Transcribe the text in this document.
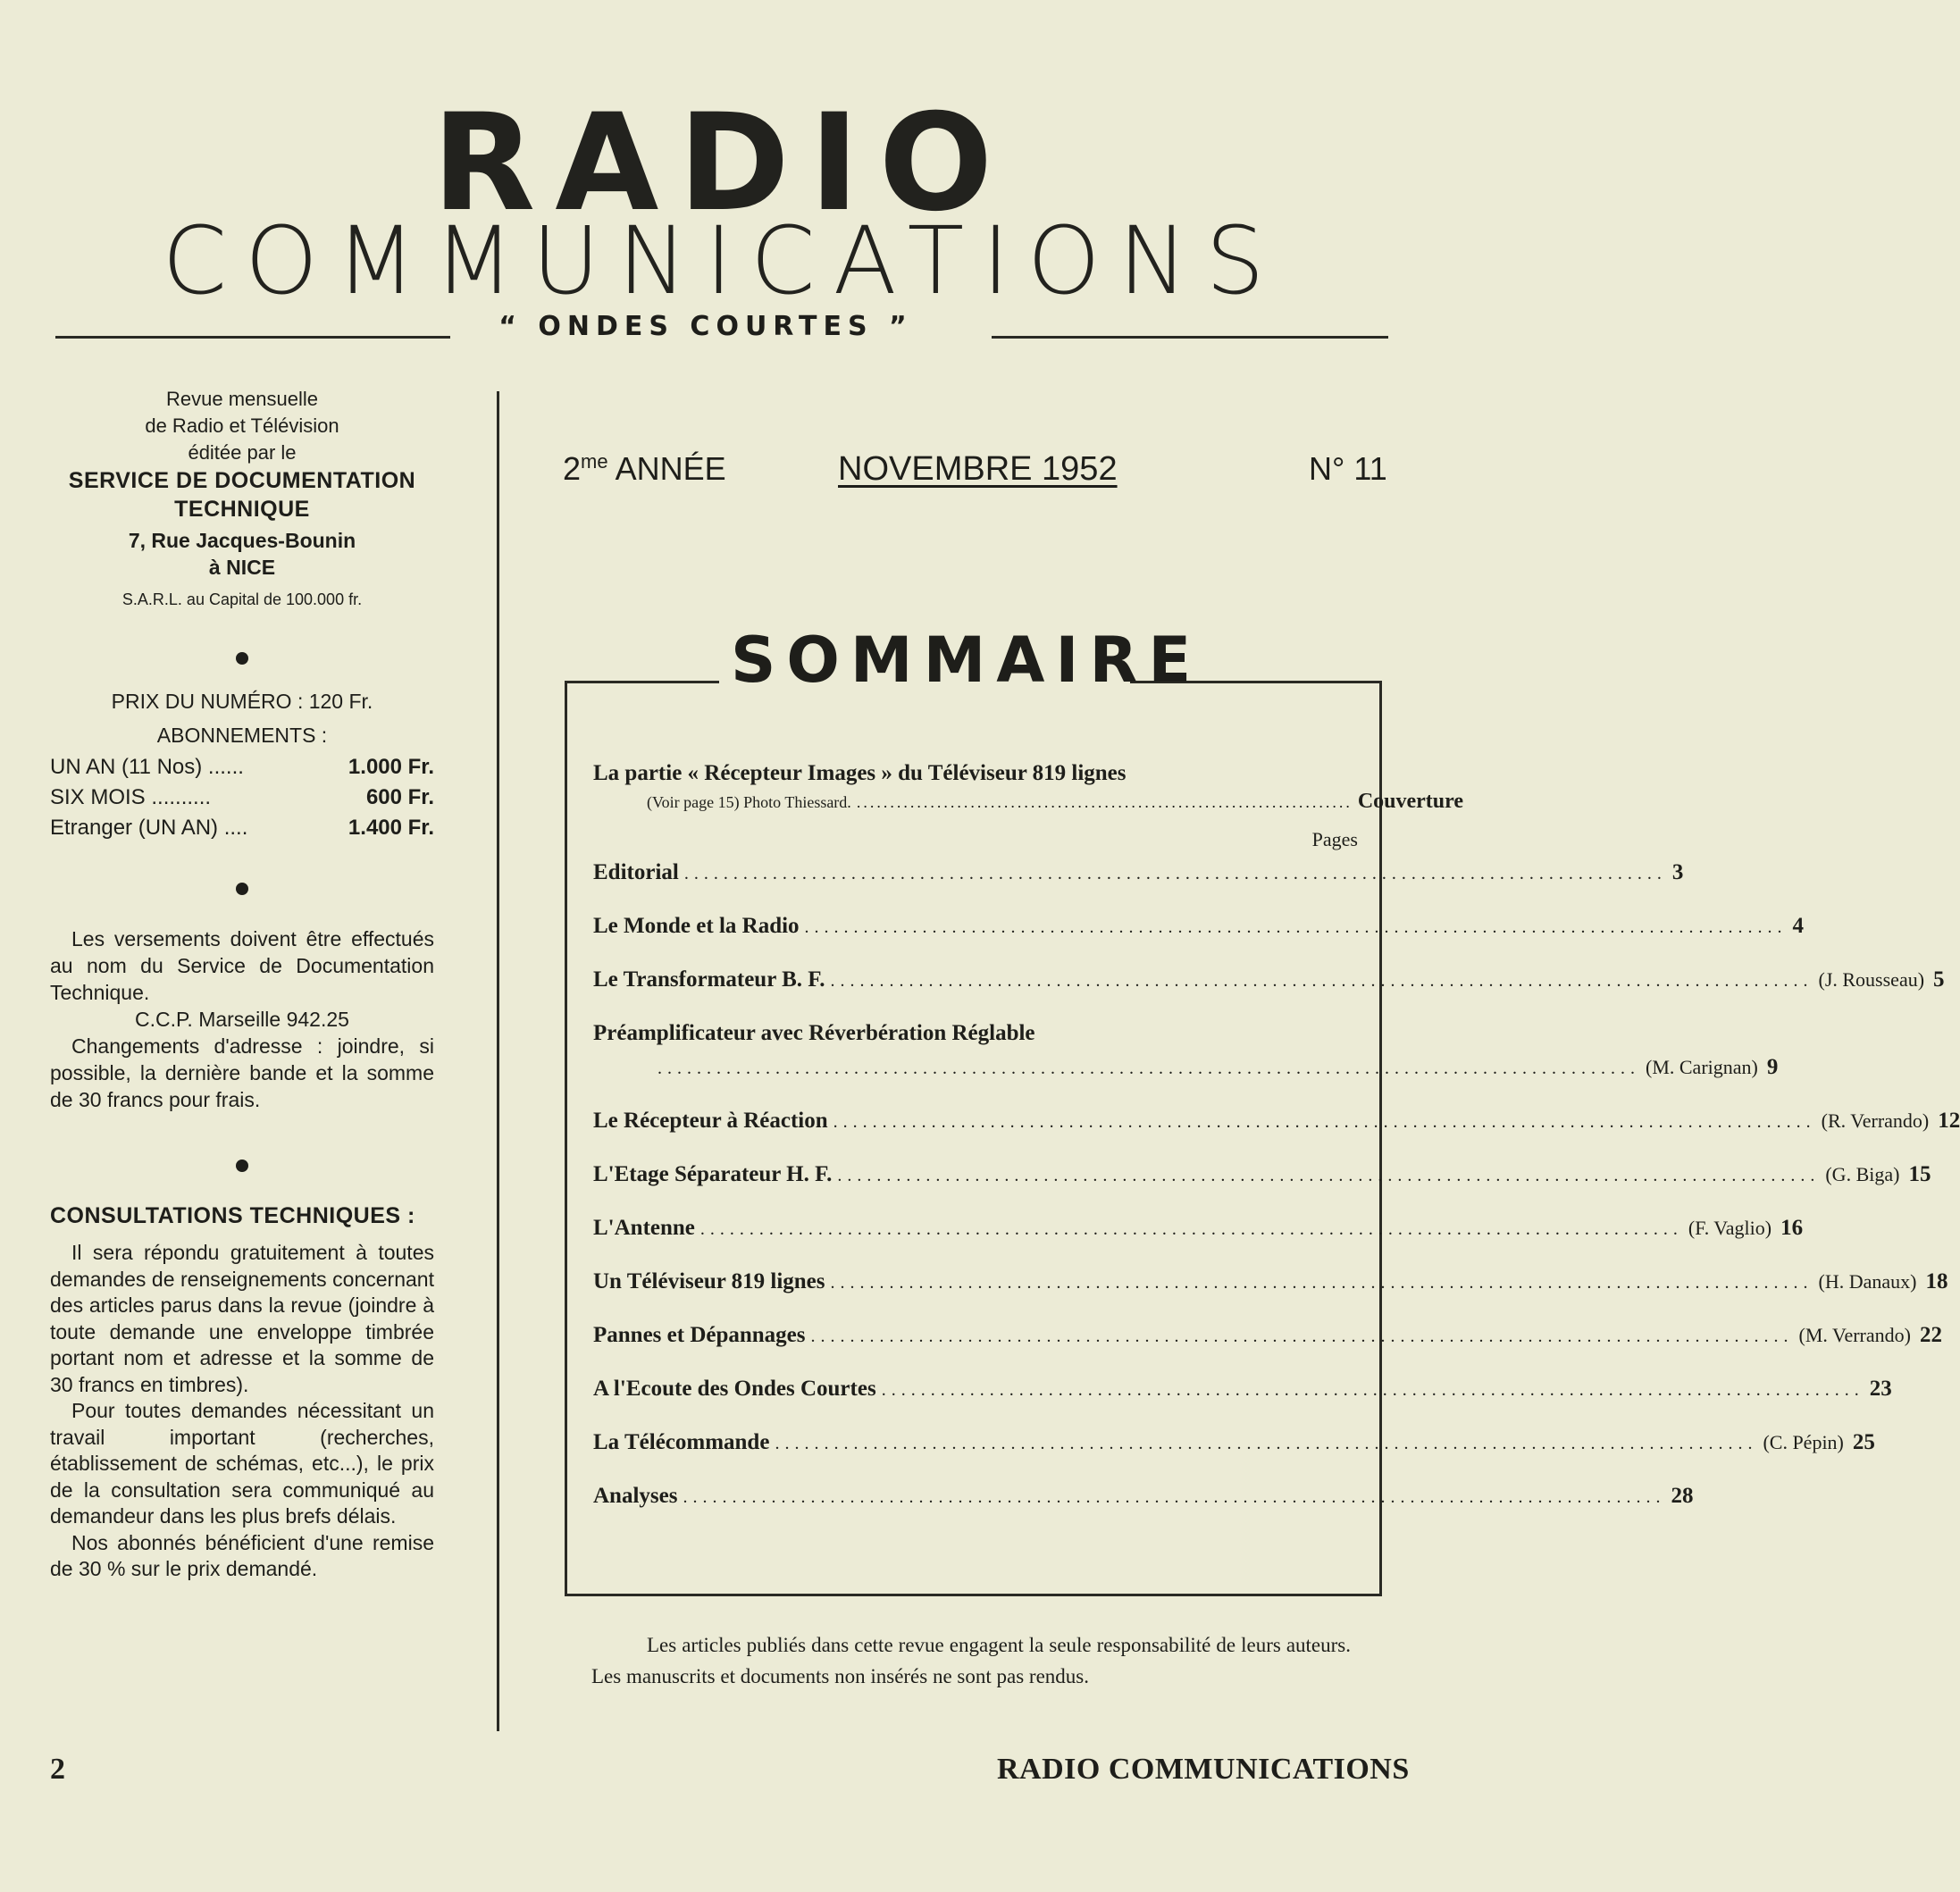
RADIO
COMMUNICATIONS
“ ONDES COURTES ”
$2^{me}$ ANNÉE	NOVEMBRE 1952	N° 11
Revue mensuelle
de Radio et Télévision
éditée par le
SERVICE DE DOCUMENTATION
TECHNIQUE
7, Rue Jacques-Bounin
à NICE
S.A.R.L. au Capital de 100.000 fr.
PRIX DU NUMÉRO : 120 Fr.
ABONNEMENTS :
UN AN (11 Nos) ......	1.000 Fr.
SIX MOIS ..........	600 Fr.
Etranger (UN AN) ....	1.400 Fr.
Les versements doivent être effectués au nom du Service de Documentation Technique.
C.C.P. Marseille 942.25
Changements d'adresse : joindre, si possible, la dernière bande et la somme de 30 francs pour frais.
CONSULTATIONS TECHNIQUES :
Il sera répondu gratuitement à toutes demandes de renseignements concernant des articles parus dans la revue (joindre à toute demande une enveloppe timbrée portant nom et adresse et la somme de 30 francs en timbres).
Pour toutes demandes nécessitant un travail important (recherches, établissement de schémas, etc...), le prix de la consultation sera communiqué au demandeur dans les plus brefs délais.
Nos abonnés bénéficient d'une remise de 30 % sur le prix demandé.
SOMMAIRE
La partie « Récepteur Images » du Téléviseur 819 lignes
(Voir page 15) Photo Thiessard. .......................................................................... Couverture
Pages
Editorial .................................................................................................... 3
Le Monde et la Radio .................................................................................................... 4
Le Transformateur B. F. .................................................................................................... (J. Rousseau) 5
Préamplificateur avec Réverbération Réglable
.................................................................................................... (M. Carignan) 9
Le Récepteur à Réaction .................................................................................................... (R. Verrando) 12
L'Etage Séparateur H. F. .................................................................................................... (G. Biga) 15
L'Antenne .................................................................................................... (F. Vaglio) 16
Un Téléviseur 819 lignes .................................................................................................... (H. Danaux) 18
Pannes et Dépannages .................................................................................................... (M. Verrando) 22
A l'Ecoute des Ondes Courtes .................................................................................................... 23
La Télécommande .................................................................................................... (C. Pépin) 25
Analyses .................................................................................................... 28
Les articles publiés dans cette revue engagent la seule responsabilité de leurs auteurs. Les manuscrits et documents non insérés ne sont pas rendus.
2	RADIO COMMUNICATIONS
